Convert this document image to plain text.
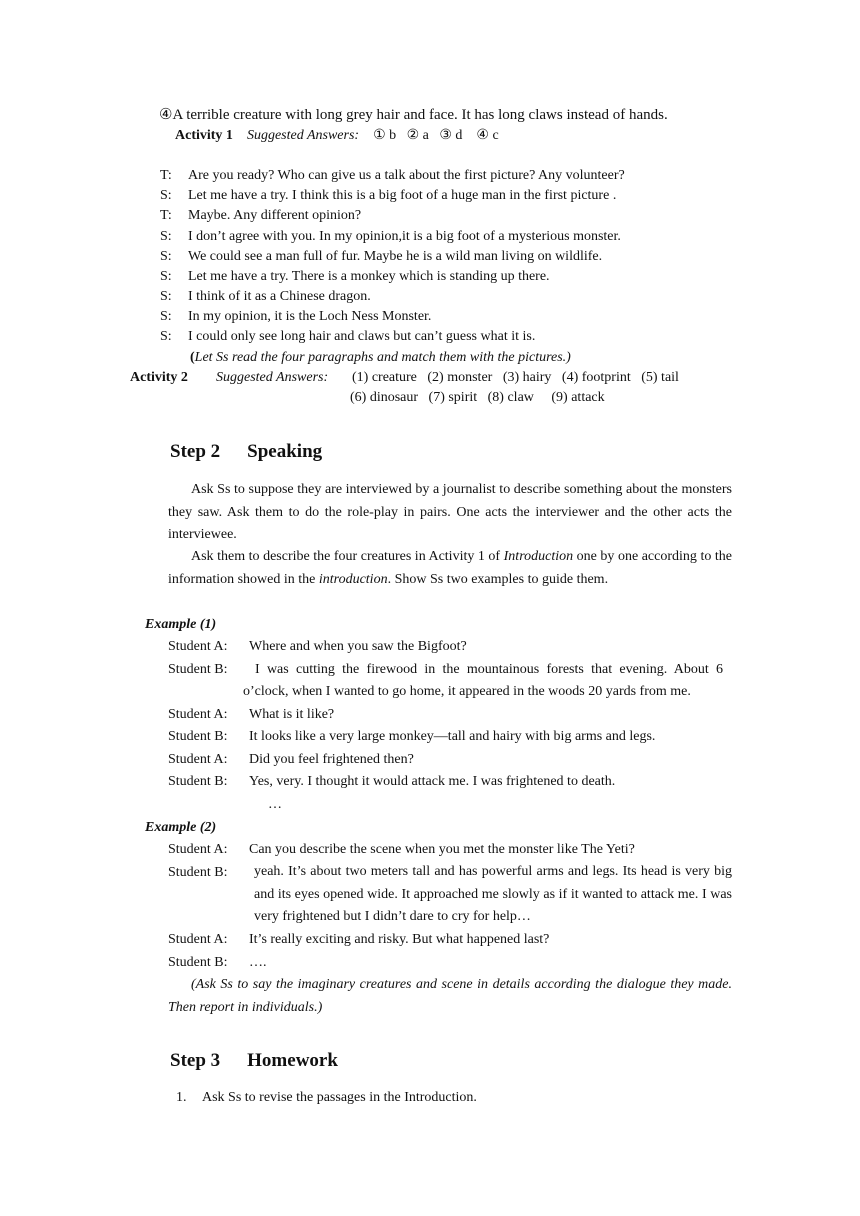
④A terrible creature with long grey hair and face. It has long claws instead of hands.
Activity 1 Suggested Answers: ① b   ② a   ③ d    ④ c
T: Are you ready? Who can give us a talk about the first picture? Any volunteer?
S: Let me have a try. I think this is a big foot of a huge man in the first picture .
T: Maybe. Any different opinion?
S: I don’t agree with you. In my opinion,it is a big foot of a mysterious monster.
S: We could see a man full of fur. Maybe he is a wild man living on wildlife.
S: Let me have a try. There is a monkey which is standing up there.
S: I think of it as a Chinese dragon.
S: In my opinion, it is the Loch Ness Monster.
S: I could only see long hair and claws but can’t guess what it is.
(Let Ss read the four paragraphs and match them with the pictures.)
Activity 2 Suggested Answers: (1) creature   (2) monster   (3) hairy   (4) footprint   (5) tail
(6) dinosaur   (7) spirit   (8) claw     (9) attack
Step 2 Speaking

Ask Ss to suppose they are interviewed by a journalist to describe something about the monsters they saw. Ask them to do the role-play in pairs. One acts the interviewer and the other acts the interviewee.

Ask them to describe the four creatures in Activity 1 of Introduction one by one according to the information showed in the introduction. Show Ss two examples to guide them.

Example (1)
Student A: Where and when you saw the Bigfoot?
Student B: I was cutting the firewood in the mountainous forests that evening. About 6
o’clock, when I wanted to go home, it appeared in the woods 20 yards from me.
Student A: What is it like?
Student B: It looks like a very large monkey—tall and hairy with big arms and legs.
Student A: Did you feel frightened then?
Student B: Yes, very. I thought it would attack me. I was frightened to death.
…
Example (2)
Student A: Can you describe the scene when you met the monster like The Yeti?
Student B: yeah. It’s about two meters tall and has powerful arms and legs. Its head is very big and its eyes opened wide. It approached me slowly as if it wanted to attack me. I was very frightened but I didn’t dare to cry for help…
Student A: It’s really exciting and risky. But what happened last?
Student B: ….

(Ask Ss to say the imaginary creatures and scene in details according the dialogue they made. Then report in individuals.)

Step 3 Homework
1. Ask Ss to revise the passages in the Introduction.
